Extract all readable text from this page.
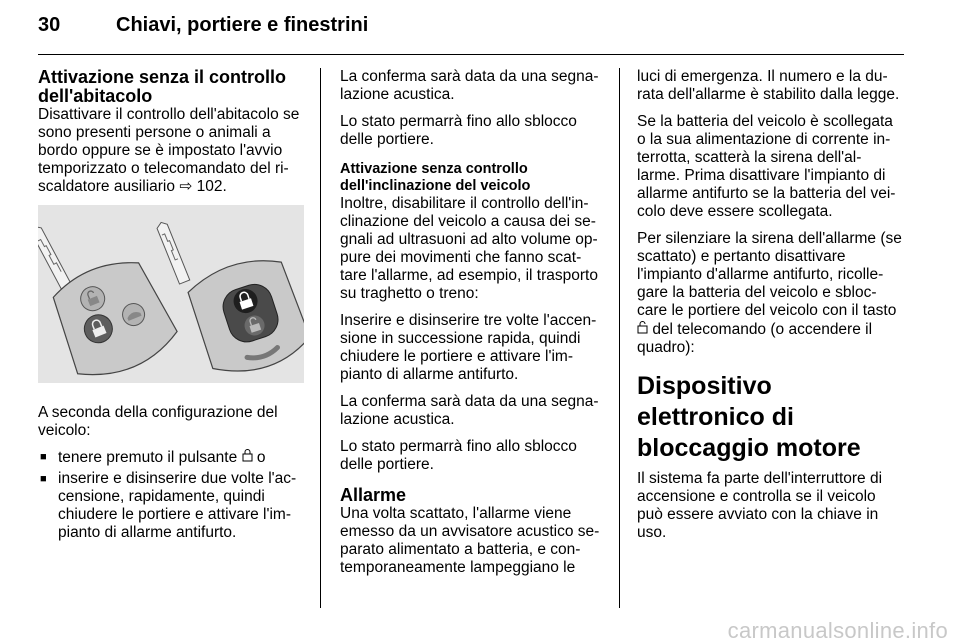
30	Chiavi, portiere e finestrini
Attivazione senza il controllo dell'abitacolo

Disattivare il controllo dell'abitacolo se sono presenti persone o animali a bordo oppure se è impostato l'avvio temporizzato o telecomandato del ri- scaldatore ausiliario ⇨ 102.

A seconda della configurazione del veicolo:

■ tenere premuto il pulsante o
■ inserire e disinserire due volte l'ac- censione, rapidamente, quindi chiudere le portiere e attivare l'im- pianto di allarme antifurto.

La conferma sarà data da una segna- lazione acustica.

Lo stato permarrà fino allo sblocco delle portiere.

Attivazione senza controllo dell'inclinazione del veicolo

Inoltre, disabilitare il controllo dell'in- clinazione del veicolo a causa dei se- gnali ad ultrasuoni ad alto volume op- pure dei movimenti che fanno scat- tare l'allarme, ad esempio, il trasporto su traghetto o treno:

Inserire e disinserire tre volte l'accen- sione in successione rapida, quindi chiudere le portiere e attivare l'im- pianto di allarme antifurto.

La conferma sarà data da una segna- lazione acustica.

Lo stato permarrà fino allo sblocco delle portiere.

Allarme

Una volta scattato, l'allarme viene emesso da un avvisatore acustico se- parato alimentato a batteria, e con- temporaneamente lampeggiano le

luci di emergenza. Il numero e la du- rata dell'allarme è stabilito dalla legge.

Se la batteria del veicolo è scollegata o la sua alimentazione di corrente in- terrotta, scatterà la sirena dell'al- larme. Prima disattivare l'impianto di allarme antifurto se la batteria del vei- colo deve essere scollegata.

Per silenziare la sirena dell'allarme (se scattato) e pertanto disattivare l'impianto d'allarme antifurto, ricolle- gare la batteria del veicolo e sbloc- care le portiere del veicolo con il tasto  del telecomando (o accendere il quadro):

Dispositivo elettronico di bloccaggio motore

Il sistema fa parte dell'interruttore di accensione e controlla se il veicolo può essere avviato con la chiave in uso.

carmanualsonline.info
